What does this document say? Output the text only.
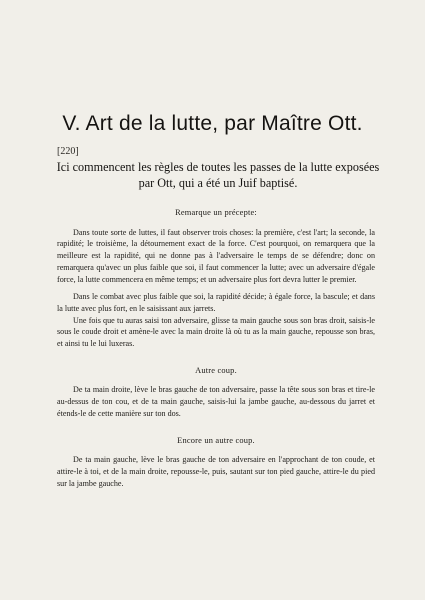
V. Art de la lutte, par Maître Ott.
[220]
Ici commencent les règles de toutes les passes de la lutte exposées par Ott, qui a été un Juif baptisé.
Remarque un précepte:

Dans toute sorte de luttes, il faut observer trois choses: la première, c'est l'art; la seconde, la rapidité; le troisième, la détournement exact de la force. C'est pourquoi, on remarquera que la meilleure est la rapidité, qui ne donne pas à l'adversaire le temps de se défendre; donc on remarquera qu'avec un plus faible que soi, il faut commencer la lutte; avec un adversaire d'égale force, la lutte commencera en même temps; et un adversaire plus fort devra lutter le premier.

Dans le combat avec plus faible que soi, la rapidité décide; à égale force, la bascule; et dans la lutte avec plus fort, en le saisissant aux jarrets.

Une fois que tu auras saisi ton adversaire, glisse ta main gauche sous son bras droit, saisis-le sous le coude droit et amène-le avec la main droite là où tu as la main gauche, repousse son bras, et ainsi tu le lui luxeras.

Autre coup.

De ta main droite, lève le bras gauche de ton adversaire, passe la tête sous son bras et tire-le au-dessus de ton cou, et de ta main gauche, saisis-lui la jambe gauche, au-dessous du jarret et étends-le de cette manière sur ton dos.

Encore un autre coup.

De ta main gauche, lève le bras gauche de ton adversaire en l'approchant de ton coude, et attire-le à toi, et de la main droite, repousse-le, puis, sautant sur ton pied gauche, attire-le du pied sur la jambe gauche.
